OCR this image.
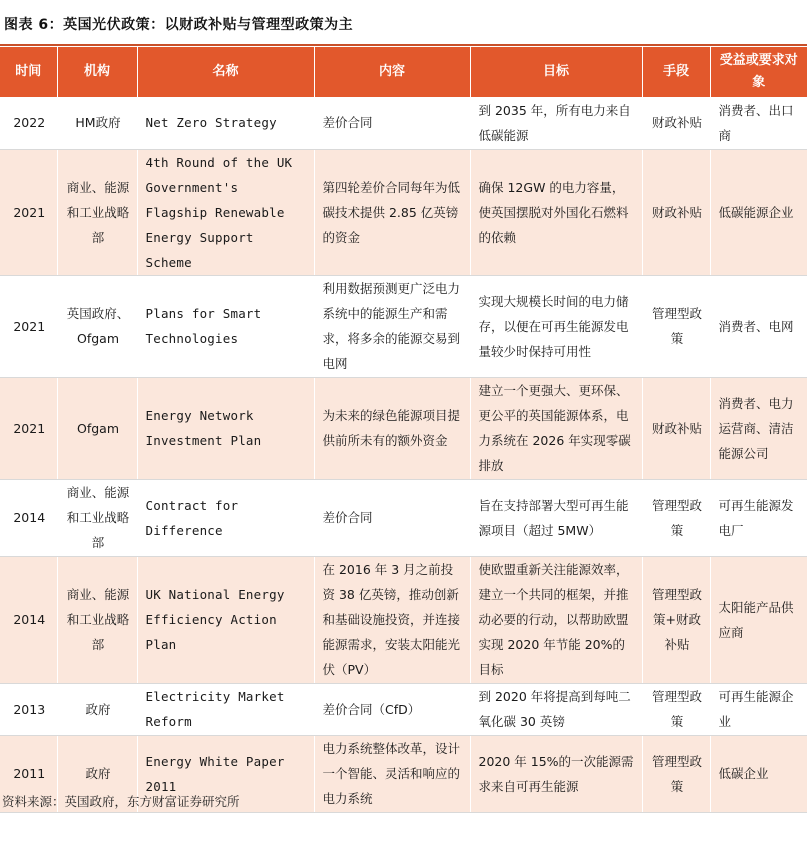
图表 6：英国光伏政策：以财政补贴与管理型政策为主
时间	机构	名称	内容	目标	手段	受益或要求对象
2022	HM政府	Net Zero Strategy	差价合同	到 2035 年，所有电力来自低碳能源	财政补贴	消费者、出口商
2021	商业、能源和工业战略部	4th Round of the UK Government's Flagship Renewable Energy Support Scheme	第四轮差价合同每年为低碳技术提供 2.85 亿英镑的资金	确保 12GW 的电力容量，使英国摆脱对外国化石燃料的依赖	财政补贴	低碳能源企业
2021	英国政府、Ofgam	Plans for Smart Technologies	利用数据预测更广泛电力系统中的能源生产和需求，将多余的能源交易到电网	实现大规模长时间的电力储存，以便在可再生能源发电量较少时保持可用性	管理型政策	消费者、电网
2021	Ofgam	Energy Network Investment Plan	为未来的绿色能源项目提供前所未有的额外资金	建立一个更强大、更环保、更公平的英国能源体系，电力系统在 2026 年实现零碳排放	财政补贴	消费者、电力运营商、清洁能源公司
2014	商业、能源和工业战略部	Contract for Difference	差价合同	旨在支持部署大型可再生能源项目（超过 5MW）	管理型政策	可再生能源发电厂
2014	商业、能源和工业战略部	UK National Energy Efficiency Action Plan	在 2016 年 3 月之前投资 38 亿英镑，推动创新和基础设施投资，并连接能源需求，安装太阳能光伏（PV）	使欧盟重新关注能源效率，建立一个共同的框架，并推动必要的行动，以帮助欧盟实现 2020 年节能 20%的目标	管理型政策+财政补贴	太阳能产品供应商
2013	政府	Electricity Market Reform	差价合同（CfD）	到 2020 年将提高到每吨二氧化碳 30 英镑	管理型政策	可再生能源企业
2011	政府	Energy White Paper 2011	电力系统整体改革，设计一个智能、灵活和响应的电力系统	2020 年 15%的一次能源需求来自可再生能源	管理型政策	低碳企业
资料来源：英国政府，东方财富证券研究所
